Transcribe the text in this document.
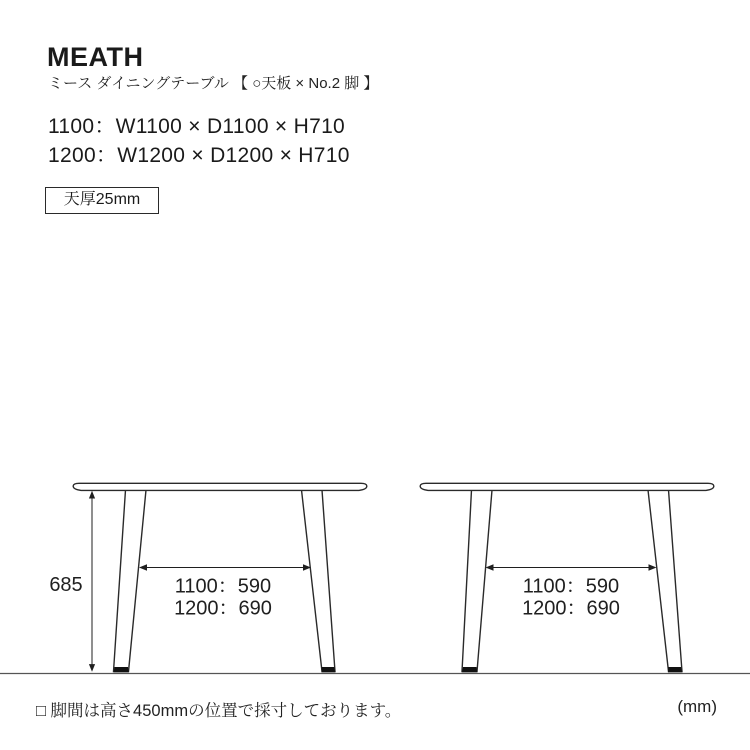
MEATH
ミース ダイニングテーブル 【 ○天板 × No.2 脚 】
1100：W1100 × D1100 × H710
1200：W1200 × D1200 × H710
天厚25mm
685	1100：590
1200：690
1100：590
1200：690
□ 脚間は高さ450mmの位置で採寸しております。	(mm)
